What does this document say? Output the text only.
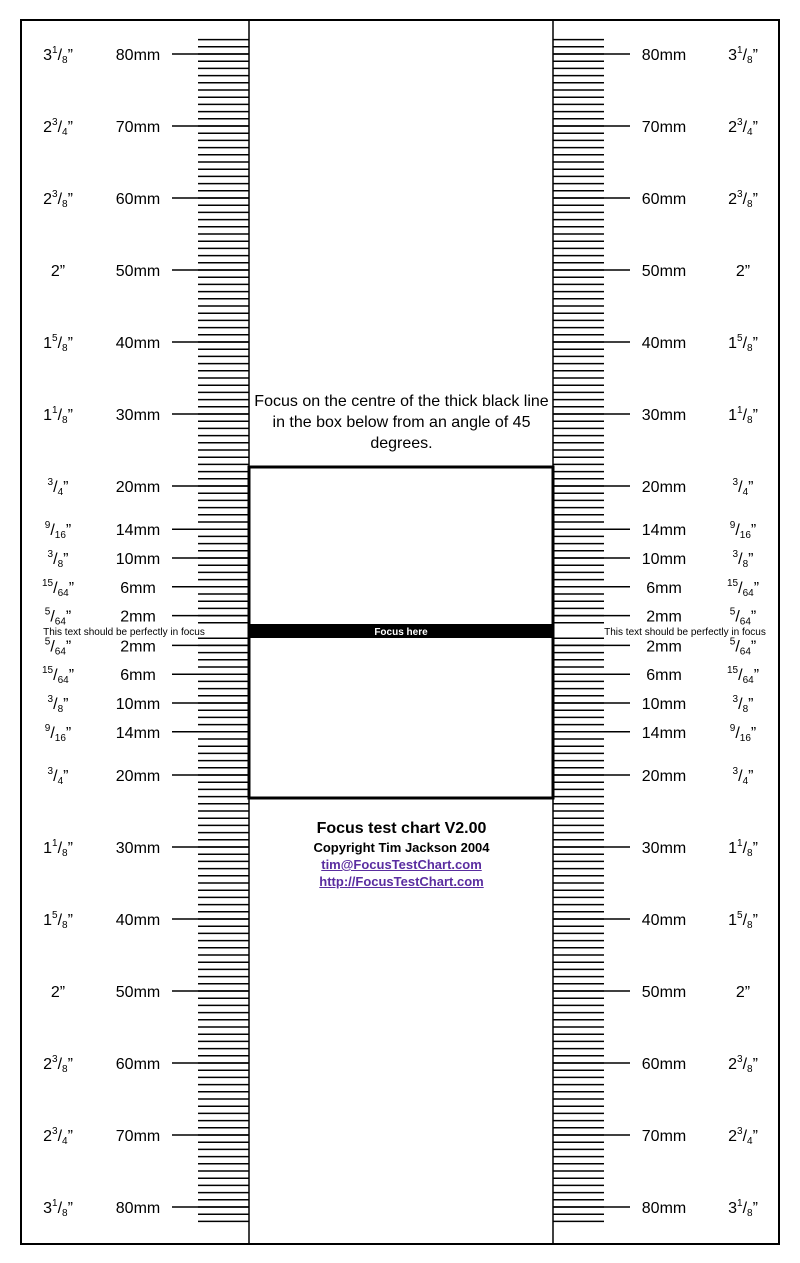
80mm	80mm
$3^1/8$”	$3^1/8$”
70mm	70mm
$2^3/4$”	$2^3/4$”
60mm	60mm
$2^3/8$”	$2^3/8$”
50mm	50mm
2”	2”
40mm	40mm
$1^5/8$”	$1^5/8$”
30mm	30mm
$1^1/8$”	$1^1/8$”
20mm	20mm
$^3$/4”	$^3$/4”
14mm	14mm
$^9$/16”	$^9$/16”
10mm	10mm
$^3$/8”	$^3$/8”
6mm	6mm
$^{15}$/64”	$^{15}$/64”
2mm	2mm
$^5$/64”	$^5$/64”
2mm	2mm
$^5$/64”	$^5$/64”
6mm	6mm
$^{15}$/64”	$^{15}$/64”
10mm	10mm
$^3$/8”	$^3$/8”
14mm	14mm
$^9$/16”	$^9$/16”
20mm	20mm
$^3$/4”	$^3$/4”
30mm	30mm
$1^1/8$”	$1^1/8$”
40mm	40mm
$1^5/8$”	$1^5/8$”
50mm	50mm
2”	2”
60mm	60mm
$2^3/8$”	$2^3/8$”
70mm	70mm
$2^3/4$”	$2^3/4$”
80mm	80mm
$3^1/8$”	$3^1/8$”
Focus here
This text should be perfectly in focus	This text should be perfectly in focus
Focus on the centre of the thick black line in the box below from an angle of 45 degrees.
Focus test chart V2.00
Copyright Tim Jackson 2004
tim@FocusTestChart.com
http://FocusTestChart.com
